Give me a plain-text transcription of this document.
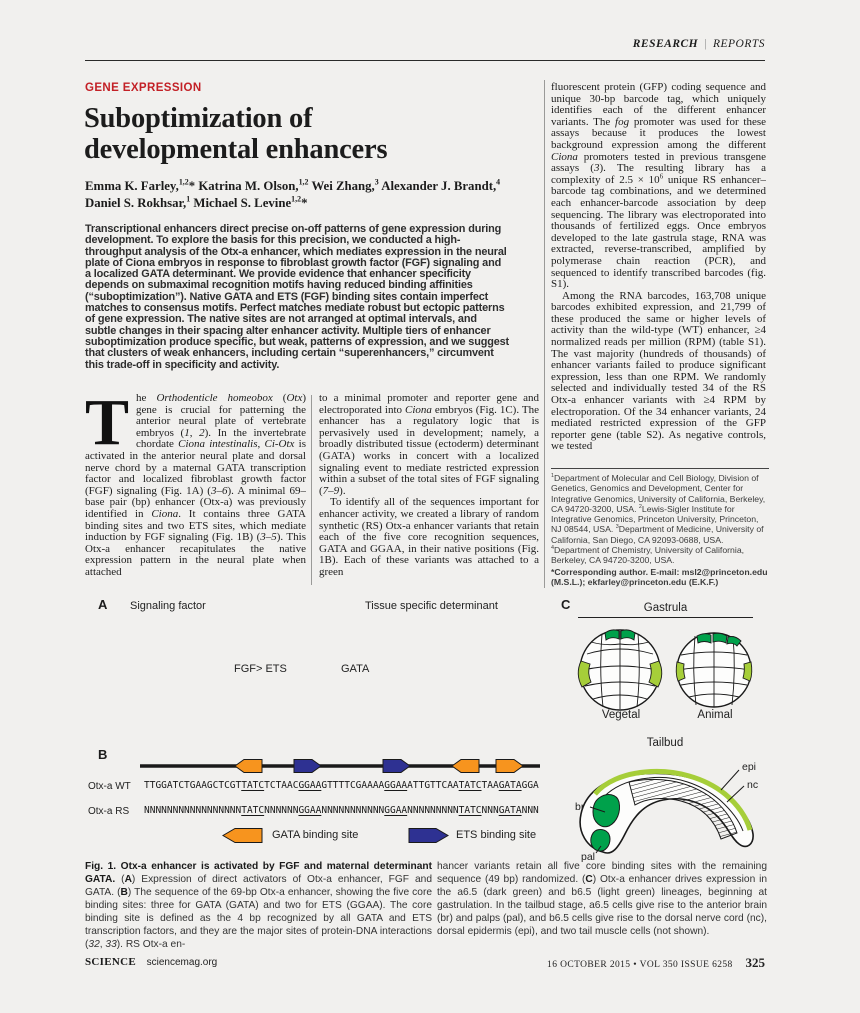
RESEARCH | REPORTS
GENE EXPRESSION
Suboptimization of developmental enhancers
Emma K. Farley,$^{1,2}$* Katrina M. Olson,$^{1,2}$ Wei Zhang,$^3$ Alexander J. Brandt,$^4$ Daniel S. Rokhsar,$^1$ Michael S. Levine$^{1,2}$*
Transcriptional enhancers direct precise on-off patterns of gene expression during development. To explore the basis for this precision, we conducted a high-throughput analysis of the Otx-a enhancer, which mediates expression in the neural plate of Ciona embryos in response to fibroblast growth factor (FGF) signaling and a localized GATA determinant. We provide evidence that enhancer specificity depends on submaximal recognition motifs having reduced binding affinities (“suboptimization”). Native GATA and ETS (FGF) binding sites contain imperfect matches to consensus motifs. Perfect matches mediate robust but ectopic patterns of gene expression. The native sites are not arranged at optimal intervals, and subtle changes in their spacing alter enhancer activity. Multiple tiers of enhancer suboptimization produce specific, but weak, patterns of expression, and we suggest that clusters of weak enhancers, including certain “superenhancers,” circumvent this trade-off in specificity and activity.

The Orthodenticle homeobox (Otx) gene is crucial for patterning the anterior neural plate of vertebrate embryos (1, 2). In the invertebrate chordate Ciona intestinalis, Ci-Otx is activated in the anterior neural plate and dorsal nerve chord by a maternal GATA transcription factor and localized fibroblast growth factor (FGF) signaling (Fig. 1A) (3–6). A minimal 69–base pair (bp) enhancer (Otx-a) was previously identified in Ciona. It contains three GATA binding sites and two ETS sites, which mediate induction by FGF signaling (Fig. 1B) (3–5). This Otx-a enhancer recapitulates the native expression pattern in the neural plate when attached

to a minimal promoter and reporter gene and electroporated into Ciona embryos (Fig. 1C). The enhancer has a regulatory logic that is pervasively used in development; namely, a broadly distributed tissue (ectoderm) determinant (GATA) works in concert with a localized signaling event to mediate restricted expression within a subset of the total sites of FGF signaling (7–9).

To identify all of the sequences important for enhancer activity, we created a library of random synthetic (RS) Otx-a enhancer variants that retain each of the five core recognition sequences, GATA and GGAA, in their native positions (Fig. 1B). Each of these variants was attached to a green

fluorescent protein (GFP) coding sequence and unique 30-bp barcode tag, which uniquely identifies each of the different enhancer variants. The fog promoter was used for these assays because it produces the lowest background expression among the different Ciona promoters tested in previous transgene assays (3). The resulting library has a complexity of $2.5 \times 10^6$ unique RS enhancer–barcode tag combinations, and we determined each enhancer-barcode association by deep sequencing. The library was electroporated into thousands of fertilized eggs. Once embryos developed to the late gastrula stage, RNA was extracted, reverse-transcribed, amplified by polymerase chain reaction (PCR), and sequenced to identify transcribed barcodes (fig. S1).

Among the RNA barcodes, 163,708 unique barcodes exhibited expression, and 21,799 of these produced the same or higher levels of activity than the wild-type (WT) enhancer, ≥4 normalized reads per million (RPM) (table S1). The vast majority (hundreds of thousands) of enhancer variants failed to produce significant expression, less than one RPM. We randomly selected and individually tested 34 of the RS Otx-a enhancer variants with ≥4 RPM by electroporation. Of the 34 enhancer variants, 24 mediated restricted expression of the GFP reporter gene (table S2). As negative controls, we tested

$^1$Department of Molecular and Cell Biology, Division of Genetics, Genomics and Development, Center for Integrative Genomics, University of California, Berkeley, CA 94720-3200, USA. $^2$Lewis-Sigler Institute for Integrative Genomics, Princeton University, Princeton, NJ 08544, USA. $^3$Department of Medicine, University of California, San Diego, CA 92093-0688, USA. $^4$Department of Chemistry, University of California, Berkeley, CA 94720-3200, USA.
*Corresponding author. E-mail: msl2@princeton.edu (M.S.L.); ekfarley@princeton.edu (E.K.F.)
A Signaling factor	Tissue specific determinant
FGF> ETS	GATA
B
Otx-a WT TTGGATCTGAAGCTCGTTATCTCTAACGGAAGTTTTCGAAAAGGAAATTGTTCAATATCTAAGATAGGA
Otx-a RS NNNNNNNNNNNNNNNNNTATCNNNNNNGGAANNNNNNNNNNNGGAANNNNNNNNNTATCNNNGATANNN
GATA binding site	ETS binding site
C	Gastrula
Vegetal	Animal
Tailbud
br
pal
epi
nc
Fig. 1. Otx-a enhancer is activated by FGF and maternal determinant GATA. (A) Expression of direct activators of Otx-a enhancer, FGF and GATA. (B) The sequence of the 69-bp Otx-a enhancer, showing the five core binding sites: three for GATA (GATA) and two for ETS (GGAA). The core binding site is defined as the 4 bp recognized by all GATA and ETS transcription factors, and they are the major sites of protein-DNA interactions (32, 33). RS Otx-a en-
hancer variants retain all five core binding sites with the remaining sequence (49 bp) randomized. (C) Otx-a enhancer drives expression in the a6.5 (dark green) and b6.5 (light green) lineages, beginning at gastrulation. In the tailbud stage, a6.5 cells give rise to the anterior brain (br) and palps (pal), and b6.5 cells give rise to the dorsal nerve cord (nc), dorsal epidermis (epi), and two tail muscle cells (not shown).
SCIENCE sciencemag.org	16 OCTOBER 2015 • VOL 350 ISSUE 6258 325
